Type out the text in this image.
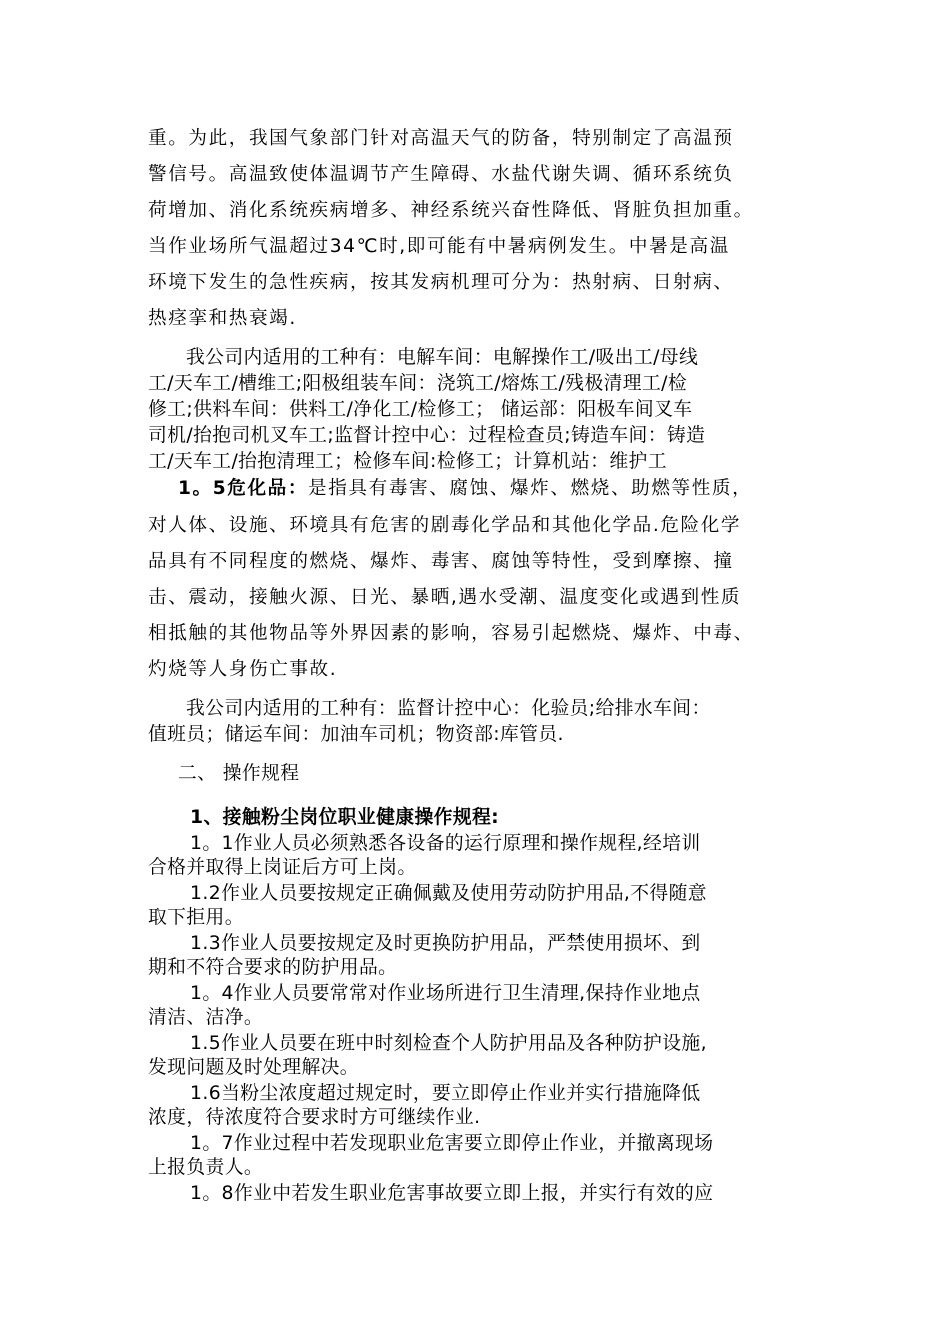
重。为此，我国气象部门针对高温天气的防备，特别制定了高温预
警信号。高温致使体温调节产生障碍、水盐代谢失调、循环系统负
荷增加、消化系统疾病增多、神经系统兴奋性降低、肾脏负担加重。
当作业场所气温超过34℃时,即可能有中暑病例发生。中暑是高温
环境下发生的急性疾病，按其发病机理可分为：热射病、日射病、
热痉挛和热衰竭.
我公司内适用的工种有：电解车间：电解操作工/吸出工/母线
工/天车工/槽维工;阳极组装车间：浇筑工/熔炼工/残极清理工/检
修工;供料车间：供料工/净化工/检修工； 储运部：阳极车间叉车
司机/抬抱司机叉车工;监督计控中心：过程检查员;铸造车间：铸造
工/天车工/抬抱清理工；检修车间:检修工；计算机站：维护工
1。5危化品：是指具有毒害、腐蚀、爆炸、燃烧、助燃等性质，
对人体、设施、环境具有危害的剧毒化学品和其他化学品.危险化学
品具有不同程度的燃烧、爆炸、毒害、腐蚀等特性，受到摩擦、撞
击、震动，接触火源、日光、暴晒,遇水受潮、温度变化或遇到性质
相抵触的其他物品等外界因素的影响，容易引起燃烧、爆炸、中毒、
灼烧等人身伤亡事故.
我公司内适用的工种有：监督计控中心：化验员;给排水车间：
值班员；储运车间：加油车司机；物资部:库管员.
二、 操作规程
1、接触粉尘岗位职业健康操作规程:
1。1作业人员必须熟悉各设备的运行原理和操作规程,经培训
合格并取得上岗证后方可上岗。
1.2作业人员要按规定正确佩戴及使用劳动防护用品,不得随意
取下拒用。
1.3作业人员要按规定及时更换防护用品，严禁使用损坏、到
期和不符合要求的防护用品。
1。4作业人员要常常对作业场所进行卫生清理,保持作业地点
清洁、洁净。
1.5作业人员要在班中时刻检查个人防护用品及各种防护设施,
发现问题及时处理解决。
1.6当粉尘浓度超过规定时，要立即停止作业并实行措施降低
浓度，待浓度符合要求时方可继续作业.
1。7作业过程中若发现职业危害要立即停止作业，并撤离现场
上报负责人。
1。8作业中若发生职业危害事故要立即上报，并实行有效的应
